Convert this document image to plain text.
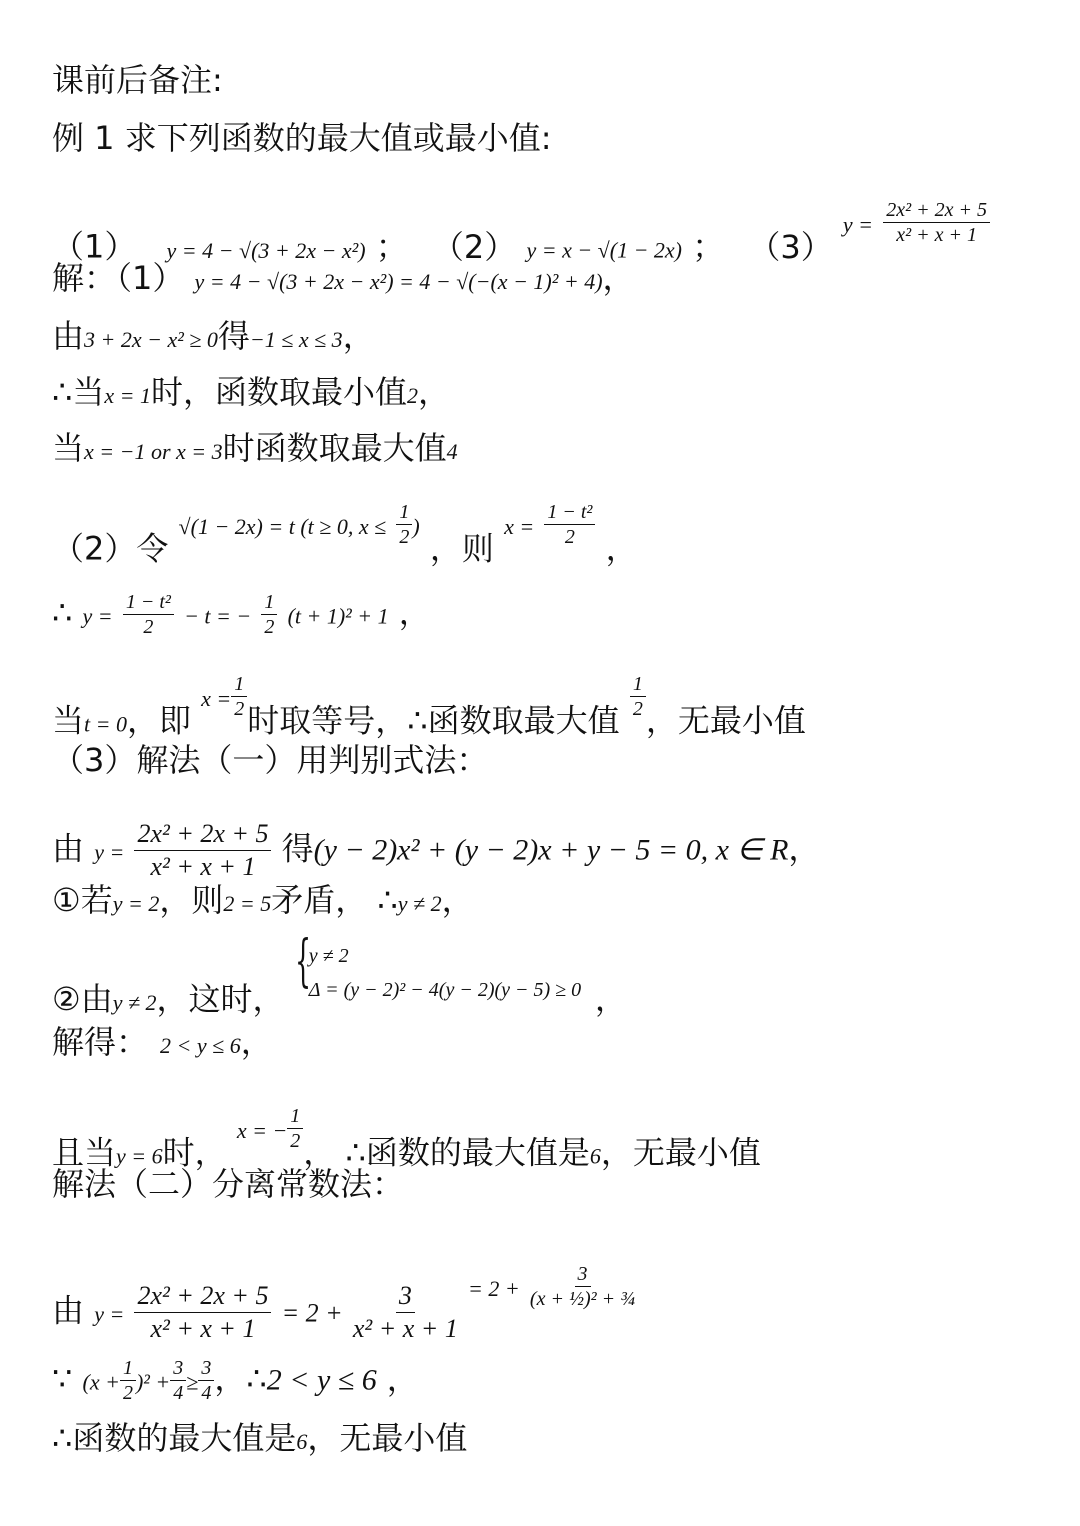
课前后备注:
例 1 求下列函数的最大值或最小值:
（1） y = 4 − √(3 + 2x − x²) ； （2） y = x − √(1 − 2x) ； （3） $y = \frac{\text{2x² + 2x + 5}}{\text{x² + x + 1}}$
解：（1） y = 4 − √(3 + 2x − x²) = 4 − √(−(x − 1)² + 4)，
由3 + 2x − x² ≥ 0得−1 ≤ x ≤ 3，
∴当x = 1时，函数取最小值2，
当x = −1 or x = 3时函数取最大值4
（2）令 √(1 − 2x) = t (t ≥ 0, $x \le \frac{1}{2}$ ) ，则 $x = \frac{\text{1 − t²}}{2}$ ，
∴ $y = \frac{\text{1 − t²}}{2} - t$ = − $\frac{1}{2} (t + 1)^2 + 1$ ，
当t = 0，即 $x = \frac{1}{2}$ 时取等号，∴函数取最大值 $\frac{1}{2}$ ，无最小值
（3）解法（一）用判别式法：
由 $y = \frac{\text{2x² + 2x + 5}}{\text{x² + x + 1}}$ 得(y − 2)x² + (y − 2)x + y − 5 = 0, x ∈ R，
①若y = 2，则2 = 5矛盾， ∴y ≠ 2，
②由y ≠ 2，这时，
{
y ≠ 2
Δ = (y − 2)² − 4(y − 2)(y − 5) ≥ 0 ，
解得： 2 < y ≤ 6，
且当y = 6时， x = − $\frac{1}{2}$ ， ∴函数的最大值是6，无最小值
解法（二）分离常数法：
由 $y = \frac{\text{2x² + 2x + 5}}{\text{x² + x + 1}} = 2 + \frac{3}{\text{x² + x + 1}} = 2 + \frac{3}{\text{(x + ½)² + ¾}}$
∵ $(x + \frac{1}{2} )^2 + \frac{3}{4} \ge \frac{3}{4}$ ，∴2 < y ≤ 6 ，
∴函数的最大值是6，无最小值
